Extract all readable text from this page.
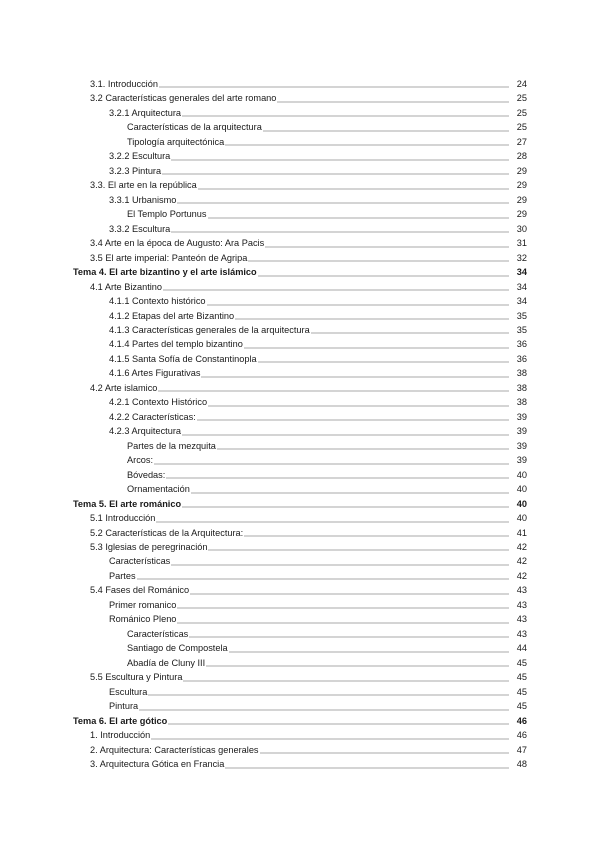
3.1. Introducción	24
3.2 Características generales del arte romano	25
3.2.1 Arquitectura	25
Características de la arquitectura	25
Tipología arquitectónica	27
3.2.2 Escultura	28
3.2.3 Pintura	29
3.3. El arte en la república	29
3.3.1 Urbanismo	29
El Templo Portunus	29
3.3.2 Escultura	30
3.4 Arte en la época de Augusto: Ara Pacis	31
3.5 El arte imperial: Panteón de Agripa	32
Tema 4. El arte bizantino y el arte islámico	34
4.1 Arte Bizantino	34
4.1.1 Contexto histórico	34
4.1.2 Etapas del arte Bizantino	35
4.1.3 Características generales de la arquitectura	35
4.1.4 Partes del templo bizantino	36
4.1.5 Santa Sofía de Constantinopla	36
4.1.6 Artes Figurativas	38
4.2 Arte islamico	38
4.2.1 Contexto Histórico	38
4.2.2 Características:	39
4.2.3 Arquitectura	39
Partes de la mezquita	39
Arcos:	39
Bóvedas:	40
Ornamentación	40
Tema 5. El arte románico	40
5.1 Introducción	40
5.2 Características de la Arquitectura:	41
5.3 Iglesias de peregrinación	42
Características	42
Partes	42
5.4 Fases del Románico	43
Primer romanico	43
Románico Pleno	43
Características	43
Santiago de Compostela	44
Abadía de Cluny III	45
5.5 Escultura y Pintura	45
Escultura	45
Pintura	45
Tema 6. El arte gótico	46
1. Introducción	46
2. Arquitectura: Características generales	47
3. Arquitectura Gótica en Francia	48
